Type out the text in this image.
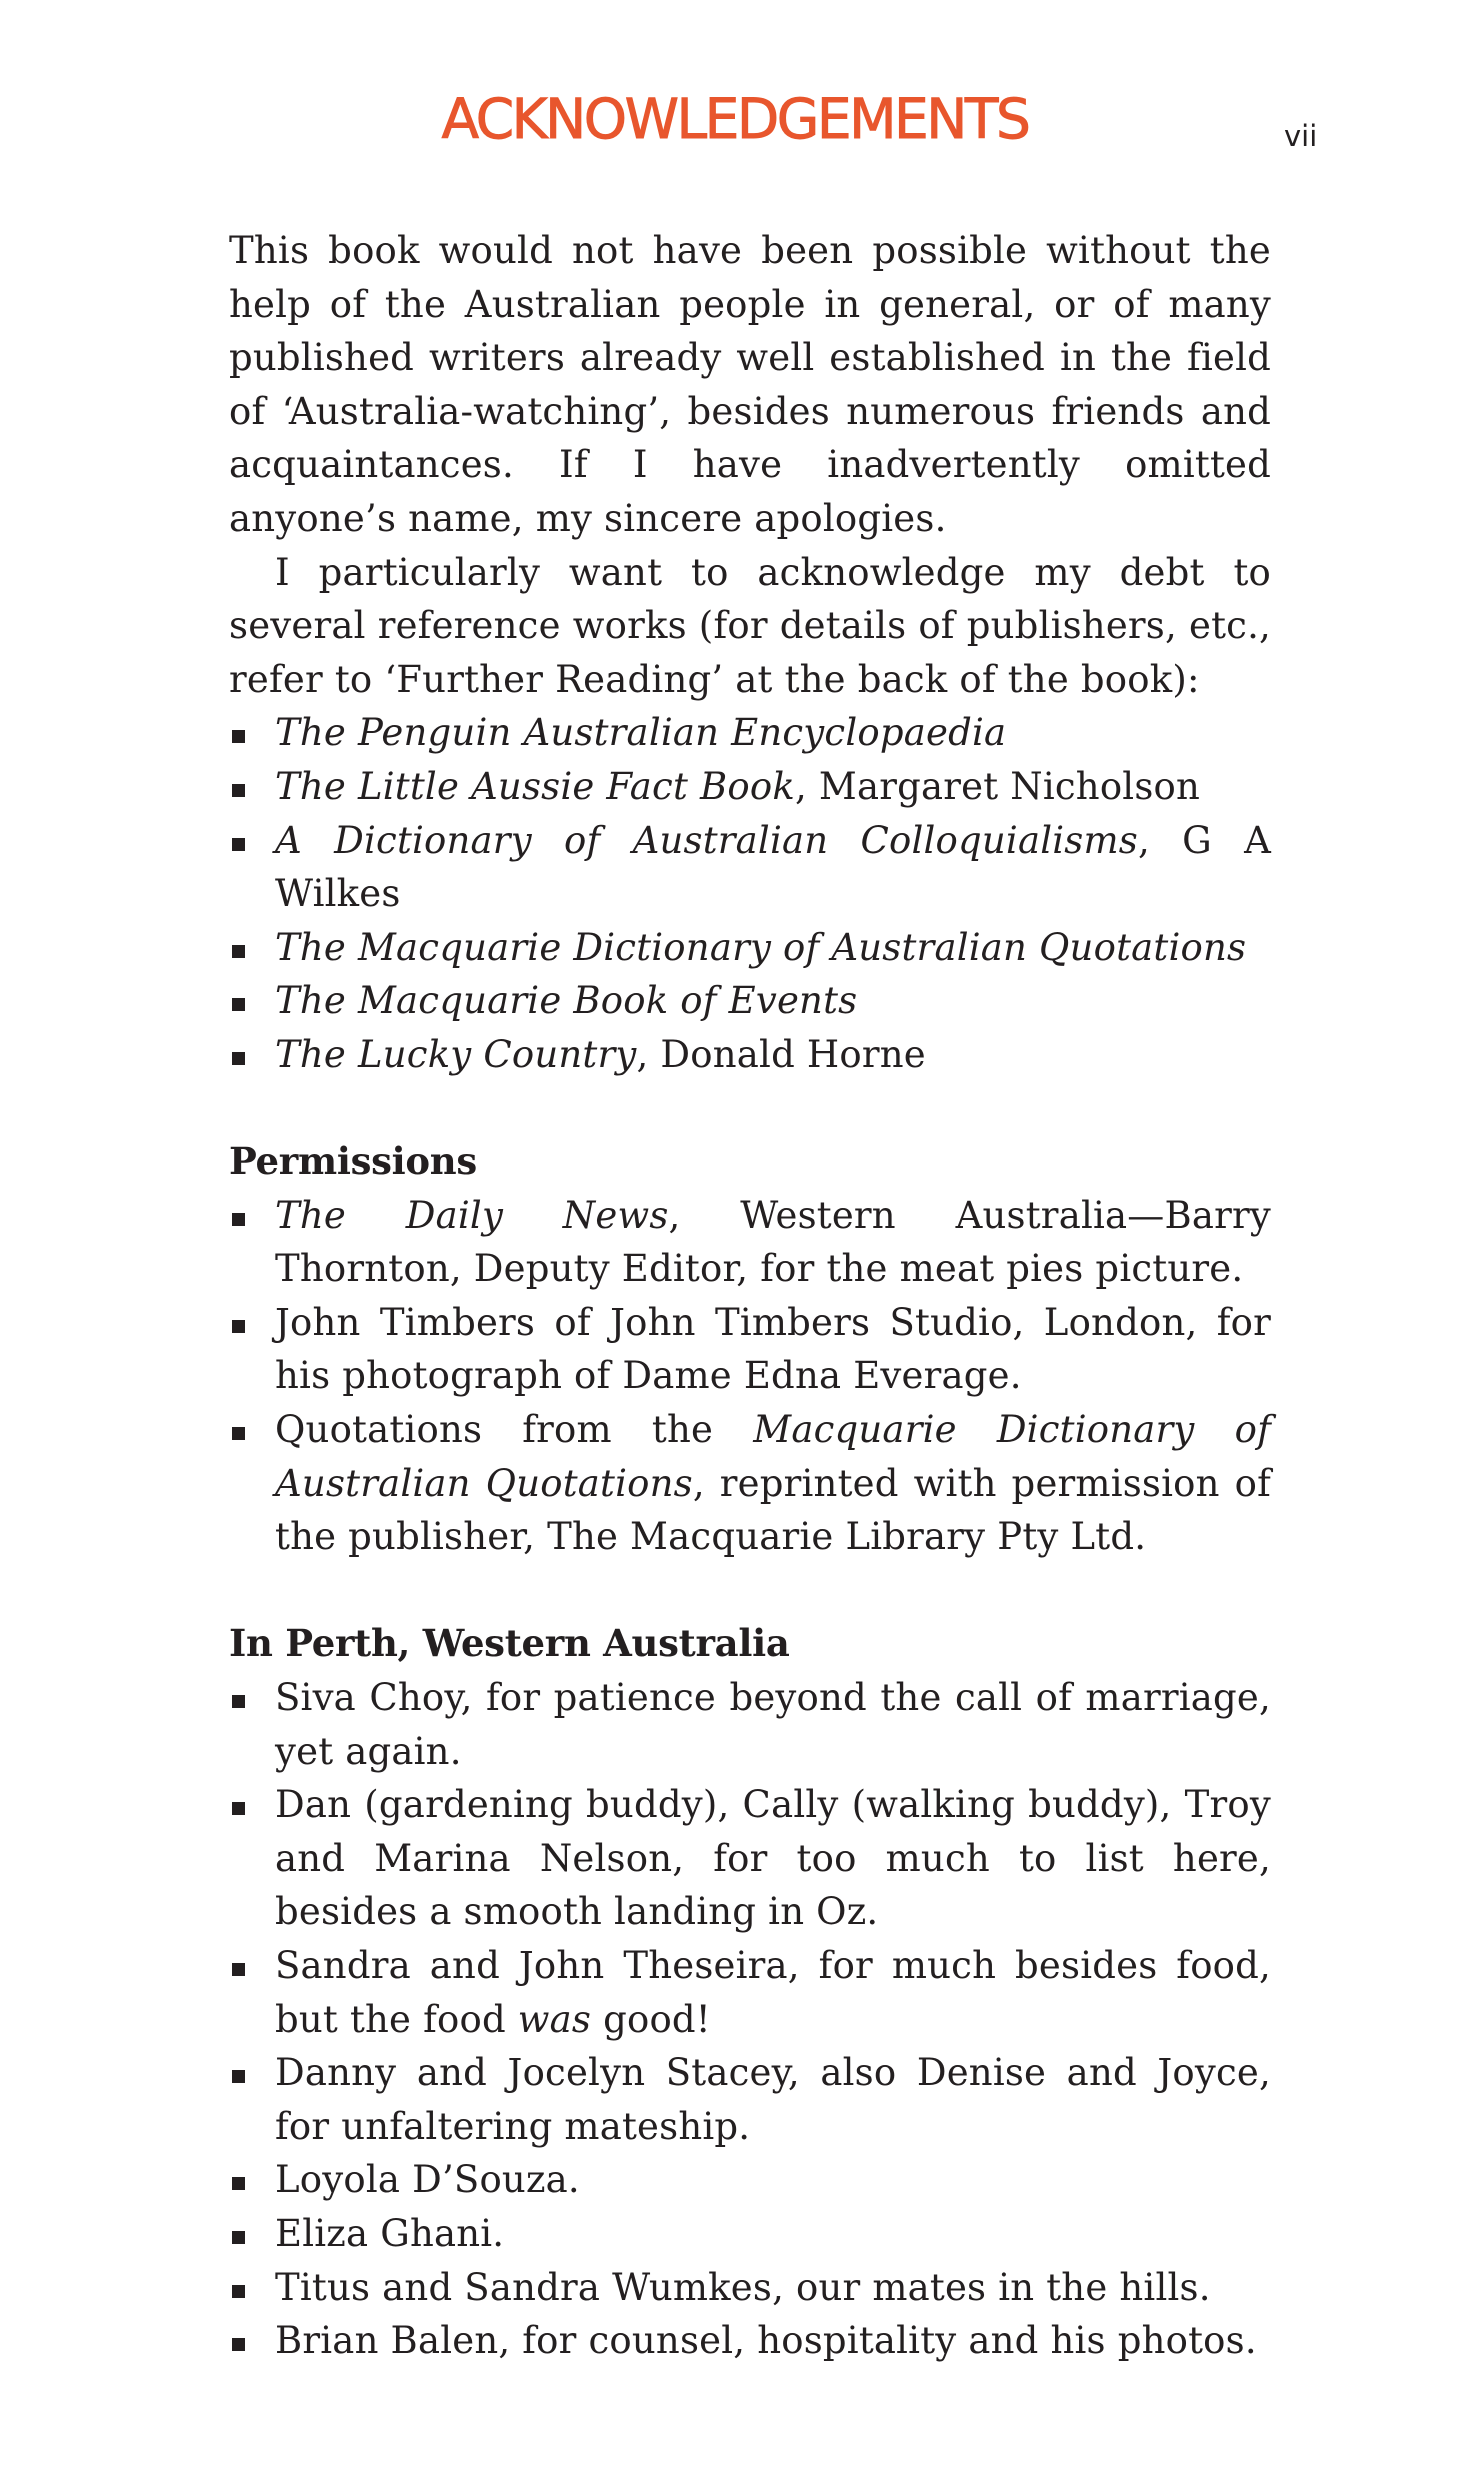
ACKNOWLEDGEMENTS	vii

This book would not have been possible without the help of the Australian people in general, or of many published writers already well established in the field of ‘Australia-watching’, besides numerous friends and acquaintances. If I have inadvertently omitted anyone’s name, my sincere apologies.

I particularly want to acknowledge my debt to several reference works (for details of publishers, etc., refer to ‘Further Reading’ at the back of the book):

The Penguin Australian Encyclopaedia
The Little Aussie Fact Book, Margaret Nicholson
A Dictionary of Australian Colloquialisms, G A Wilkes
The Macquarie Dictionary of Australian Quotations
The Macquarie Book of Events
The Lucky Country, Donald Horne
Permissions
The Daily News, Western Australia—Barry Thornton, Deputy Editor, for the meat pies picture.
John Timbers of John Timbers Studio, London, for his photograph of Dame Edna Everage.
Quotations from the Macquarie Dictionary of Australian Quotations, reprinted with permission of the publisher, The Macquarie Library Pty Ltd.
In Perth, Western Australia
Siva Choy, for patience beyond the call of marriage, yet again.
Dan (gardening buddy), Cally (walking buddy), Troy and Marina Nelson, for too much to list here, besides a smooth landing in Oz.
Sandra and John Theseira, for much besides food, but the food was good!
Danny and Jocelyn Stacey, also Denise and Joyce, for unfaltering mateship.
Loyola D’Souza.
Eliza Ghani.
Titus and Sandra Wumkes, our mates in the hills.
Brian Balen, for counsel, hospitality and his photos.
